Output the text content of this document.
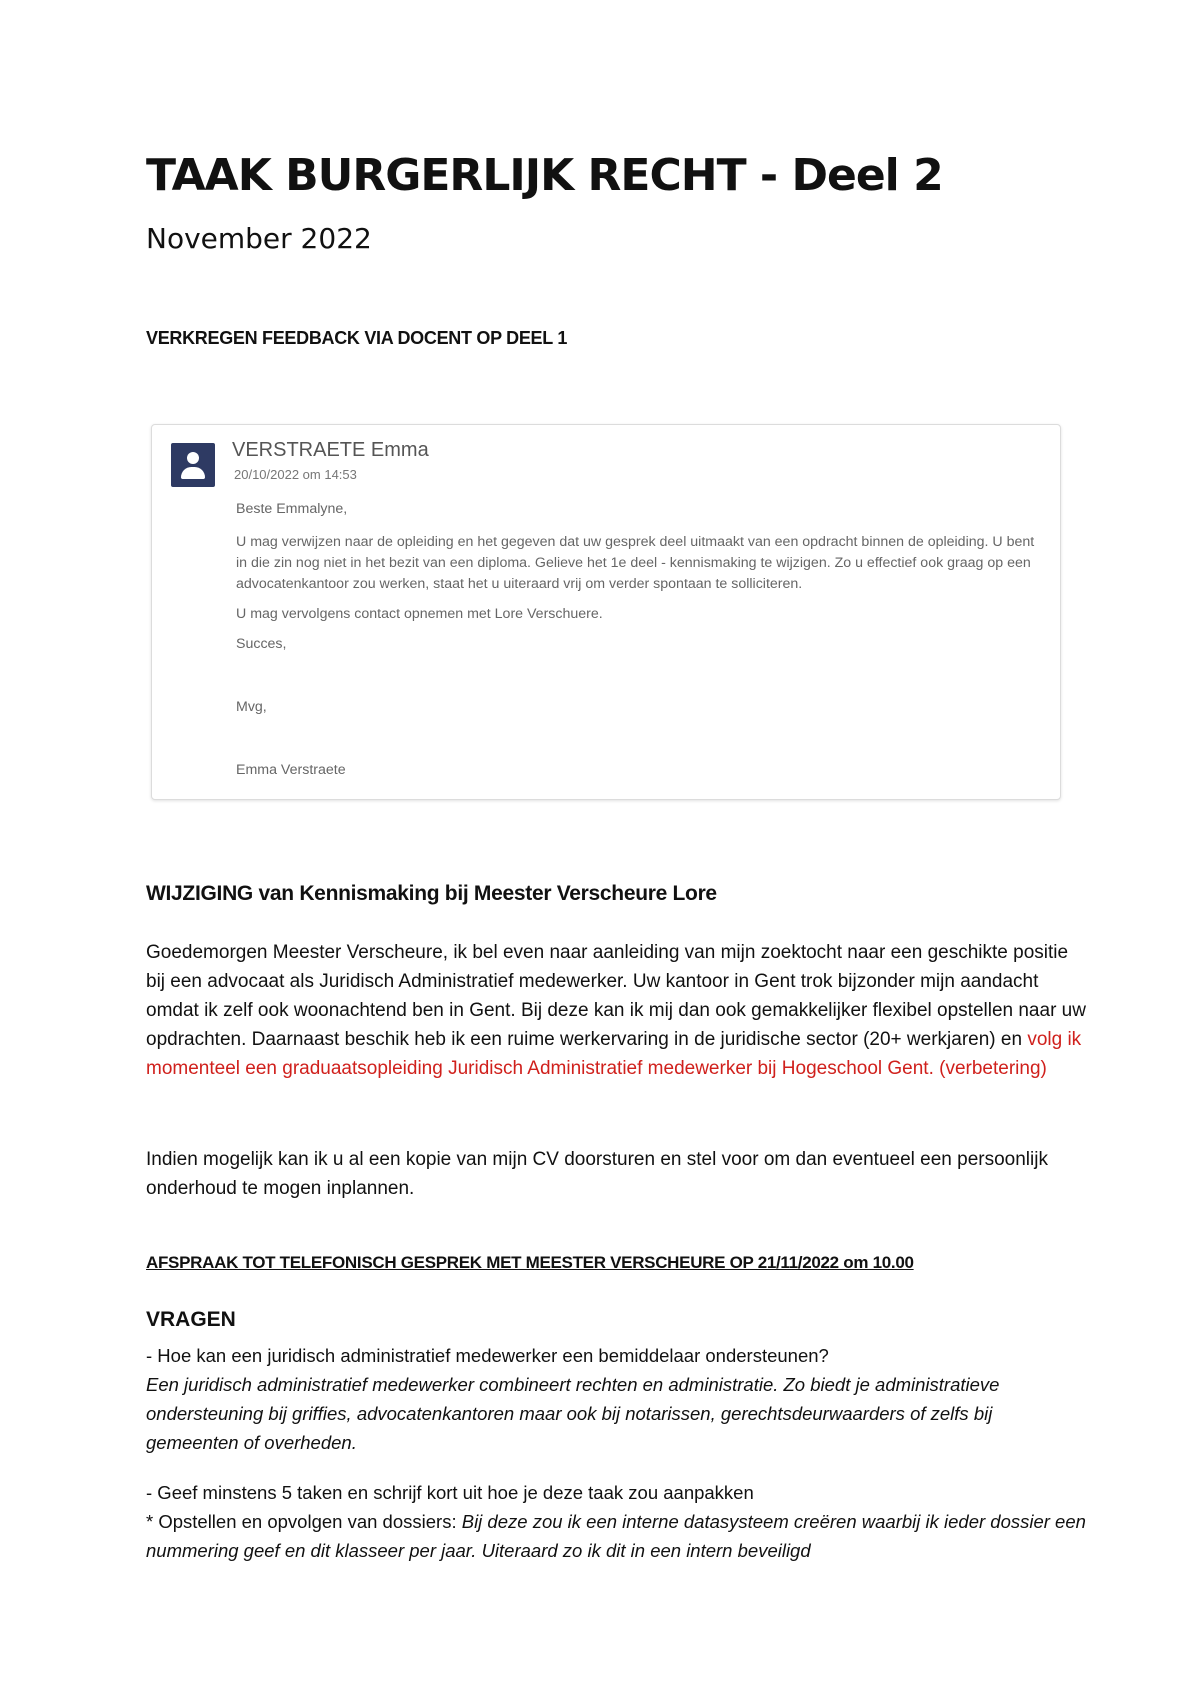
TAAK BURGERLIJK RECHT - Deel 2
November 2022
VERKREGEN FEEDBACK VIA DOCENT OP DEEL 1
VERSTRAETE Emma
20/10/2022 om 14:53

Beste Emmalyne,

U mag verwijzen naar de opleiding en het gegeven dat uw gesprek deel uitmaakt van een opdracht binnen de opleiding. U bent in die zin nog niet in het bezit van een diploma. Gelieve het 1e deel - kennismaking te wijzigen. Zo u effectief ook graag op een advocatenkantoor zou werken, staat het u uiteraard vrij om verder spontaan te solliciteren.

U mag vervolgens contact opnemen met Lore Verschuere.

Succes,

Mvg,

Emma Verstraete

WIJZIGING van Kennismaking bij Meester Verscheure Lore

Goedemorgen Meester Verscheure, ik bel even naar aanleiding van mijn zoektocht naar een geschikte positie bij een advocaat als Juridisch Administratief medewerker. Uw kantoor in Gent trok bijzonder mijn aandacht omdat ik zelf ook woonachtend ben in Gent. Bij deze kan ik mij dan ook gemakkelijker flexibel opstellen naar uw opdrachten. Daarnaast beschik heb ik een ruime werkervaring in de juridische sector (20+ werkjaren) en volg ik momenteel een graduaatsopleiding Juridisch Administratief medewerker bij Hogeschool Gent. (verbetering)

Indien mogelijk kan ik u al een kopie van mijn CV doorsturen en stel voor om dan eventueel een persoonlijk onderhoud te mogen inplannen.

AFSPRAAK TOT TELEFONISCH GESPREK MET MEESTER VERSCHEURE OP 21/11/2022 om 10.00

VRAGEN
- Hoe kan een juridisch administratief medewerker een bemiddelaar ondersteunen?
Een juridisch administratief medewerker combineert rechten en administratie. Zo biedt je administratieve ondersteuning bij griffies, advocatenkantoren maar ook bij notarissen, gerechtsdeurwaarders of zelfs bij gemeenten of overheden.
- Geef minstens 5 taken en schrijf kort uit hoe je deze taak zou aanpakken
* Opstellen en opvolgen van dossiers: Bij deze zou ik een interne datasysteem creëren waarbij ik ieder dossier een nummering geef en dit klasseer per jaar. Uiteraard zo ik dit in een intern beveiligd
